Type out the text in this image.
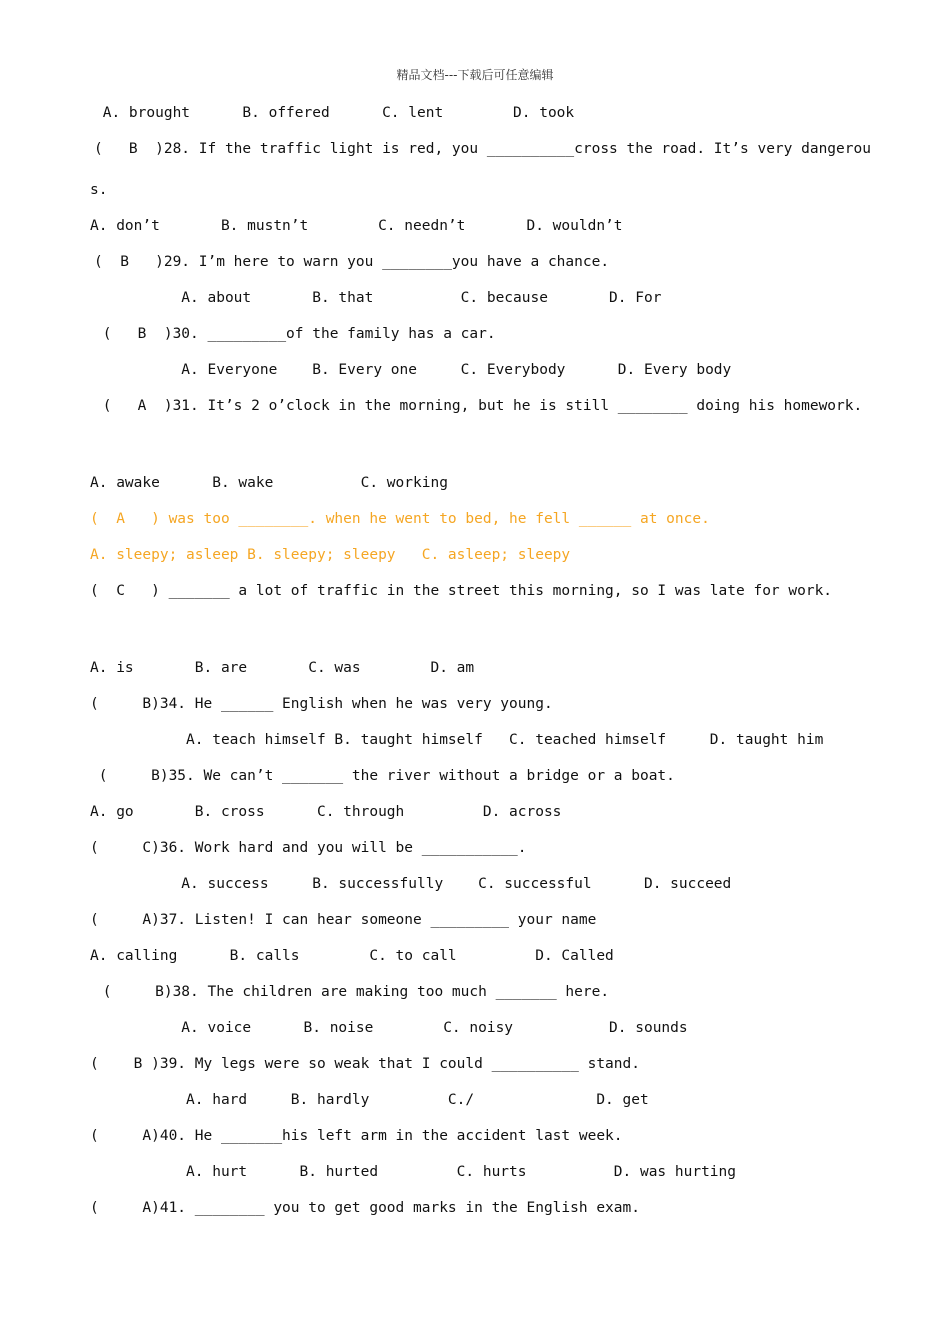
精品文档---下载后可任意编辑
A. brought      B. offered      C. lent        D. took
(   B  )28. If the traffic light is red, you __________cross the road. It’s very dangerou
s.
A. don’t       B. mustn’t        C. needn’t       D. wouldn’t
(  B   )29. I’m here to warn you ________you have a chance.
A. about       B. that          C. because       D. For
(   B  )30. _________of the family has a car.
A. Everyone    B. Every one     C. Everybody      D. Every body
(   A  )31. It’s 2 o’clock in the morning, but he is still ________ doing his homework.
A. awake      B. wake          C. working
(  A   ) was too ________. when he went to bed, he fell ______ at once.
A. sleepy; asleep B. sleepy; sleepy   C. asleep; sleepy
(  C   ) _______ a lot of traffic in the street this morning, so I was late for work.
A. is       B. are       C. was        D. am
(     B)34. He ______ English when he was very young.
A. teach himself B. taught himself   C. teached himself     D. taught him
(     B)35. We can’t _______ the river without a bridge or a boat.
A. go       B. cross      C. through         D. across
(     C)36. Work hard and you will be ___________.
A. success     B. successfully    C. successful      D. succeed
(     A)37. Listen! I can hear someone _________ your name
A. calling      B. calls        C. to call         D. Called
(     B)38. The children are making too much _______ here.
A. voice      B. noise        C. noisy           D. sounds
(    B )39. My legs were so weak that I could __________ stand.
A. hard     B. hardly         C./              D. get
(     A)40. He _______his left arm in the accident last week.
A. hurt      B. hurted         C. hurts          D. was hurting
(     A)41. ________ you to get good marks in the English exam.
